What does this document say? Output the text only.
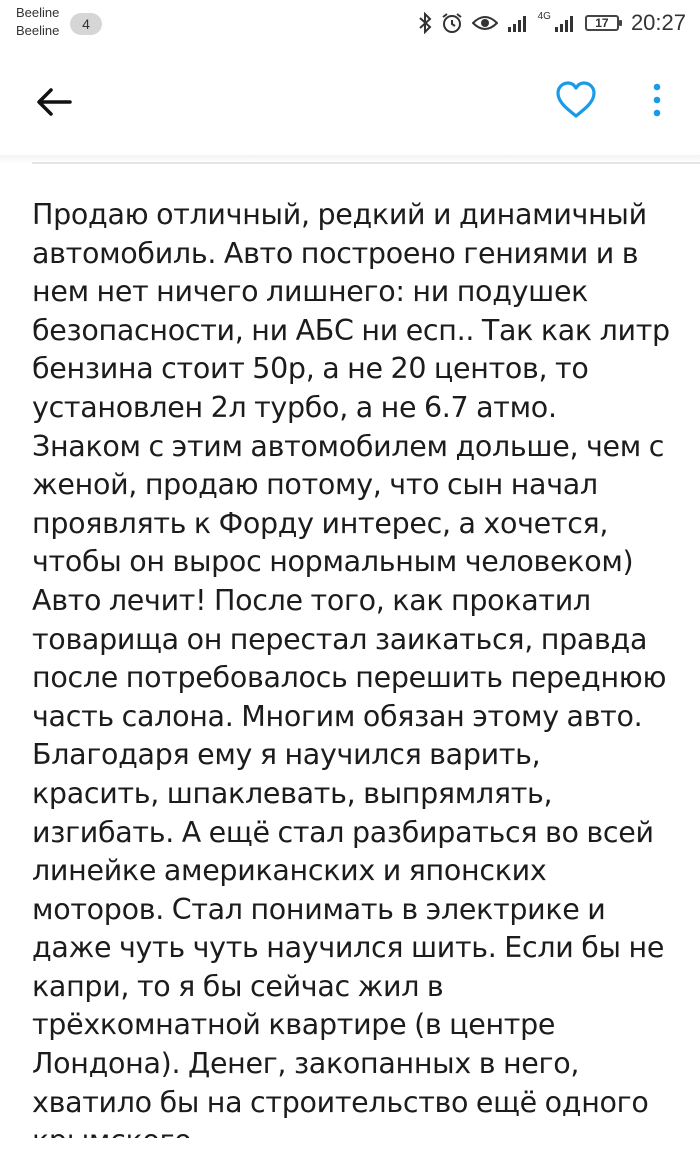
Beeline
Beeline	4	4G	17	20:27

Продаю отличный, редкий и динамичный автомобиль. Авто построено гениями и в нем нет ничего лишнего: ни подушек безопасности, ни АБС ни есп.. Так как литр бензина стоит 50р, а не 20 центов, то установлен 2л турбо, а не 6.7 атмо. Знаком с этим автомобилем дольше, чем с женой, продаю потому, что сын начал проявлять к Форду интерес, а хочется, чтобы он вырос нормальным человеком) Авто лечит! После того, как прокатил товарища он перестал заикаться, правда после потребовалось перешить переднюю часть салона. Многим обязан этому авто. Благодаря ему я научился варить, красить, шпаклевать, выпрямлять, изгибать. А ещё стал разбираться во всей линейке американских и японских моторов. Стал понимать в электрике и даже чуть чуть научился шить. Если бы не капри, то я бы сейчас жил в трёхкомнатной квартире (в центре Лондона). Денег, закопанных в него, хватило бы на строительство ещё одного
